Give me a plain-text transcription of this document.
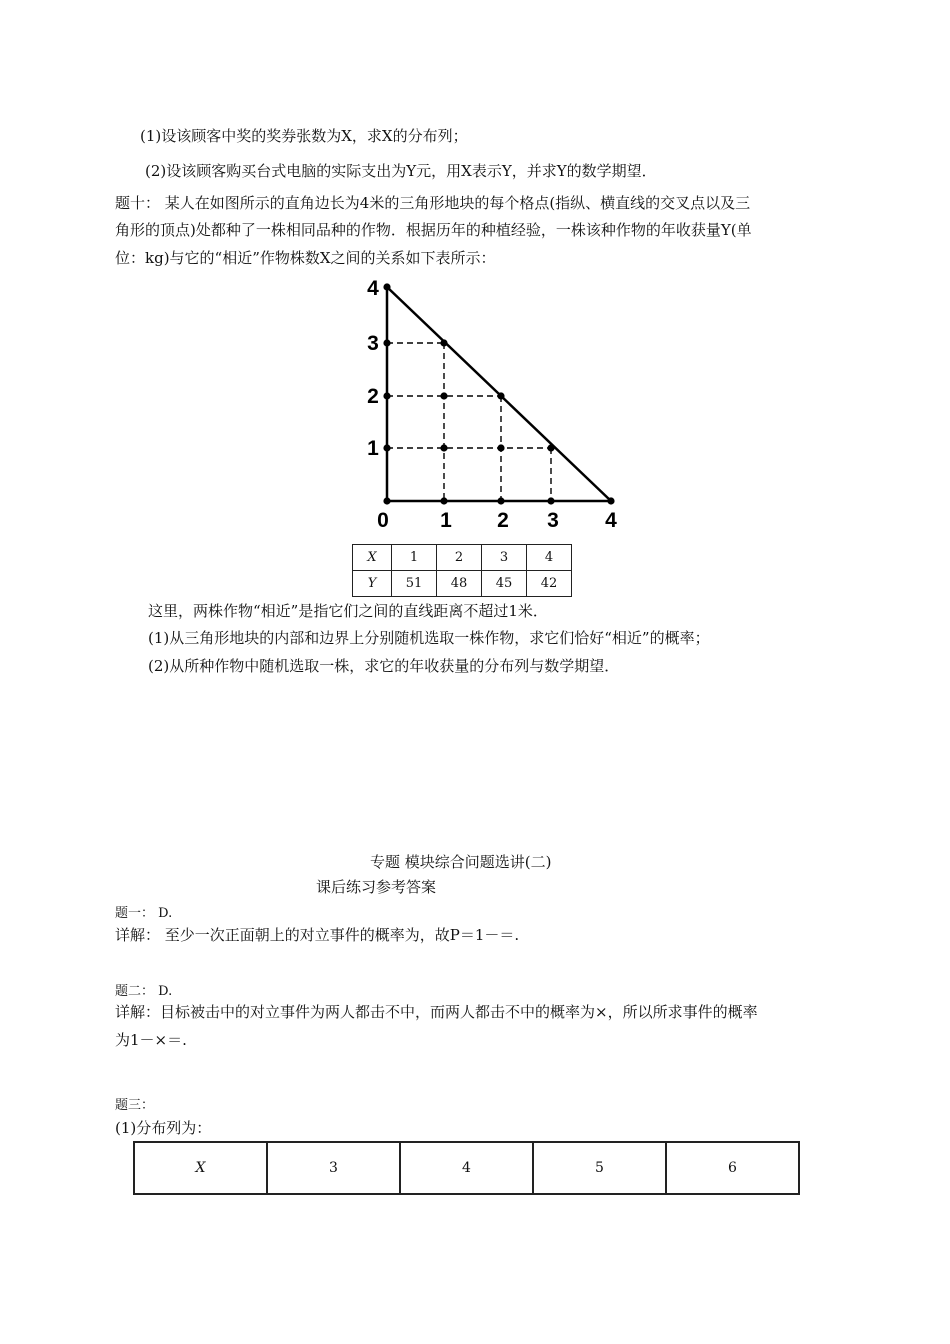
(1)设该顾客中奖的奖券张数为X，求X的分布列；
(2)设该顾客购买台式电脑的实际支出为Y元，用X表示Y，并求Y的数学期望．
题十： 某人在如图所示的直角边长为4米的三角形地块的每个格点(指纵、横直线的交叉点以及三
角形的顶点)处都种了一株相同品种的作物．根据历年的种植经验，一株该种作物的年收获量Y(单
位：kg)与它的“相近”作物株数X之间的关系如下表所示：
0 1 2 3 4
1
2
3
4
X	1	2	3	4
Y	51	48	45	42
这里，两株作物“相近”是指它们之间的直线距离不超过1米．
(1)从三角形地块的内部和边界上分别随机选取一株作物，求它们恰好“相近”的概率；
(2)从所种作物中随机选取一株，求它的年收获量的分布列与数学期望．
专题 模块综合问题选讲(二)
课后练习参考答案
题一： D.
详解： 至少一次正面朝上的对立事件的概率为，故P＝1－＝.
题二： D.
详解：目标被击中的对立事件为两人都击不中，而两人都击不中的概率为×，所以所求事件的概率
为1－×＝.
题三：
(1)分布列为：
X	3	4	5	6
